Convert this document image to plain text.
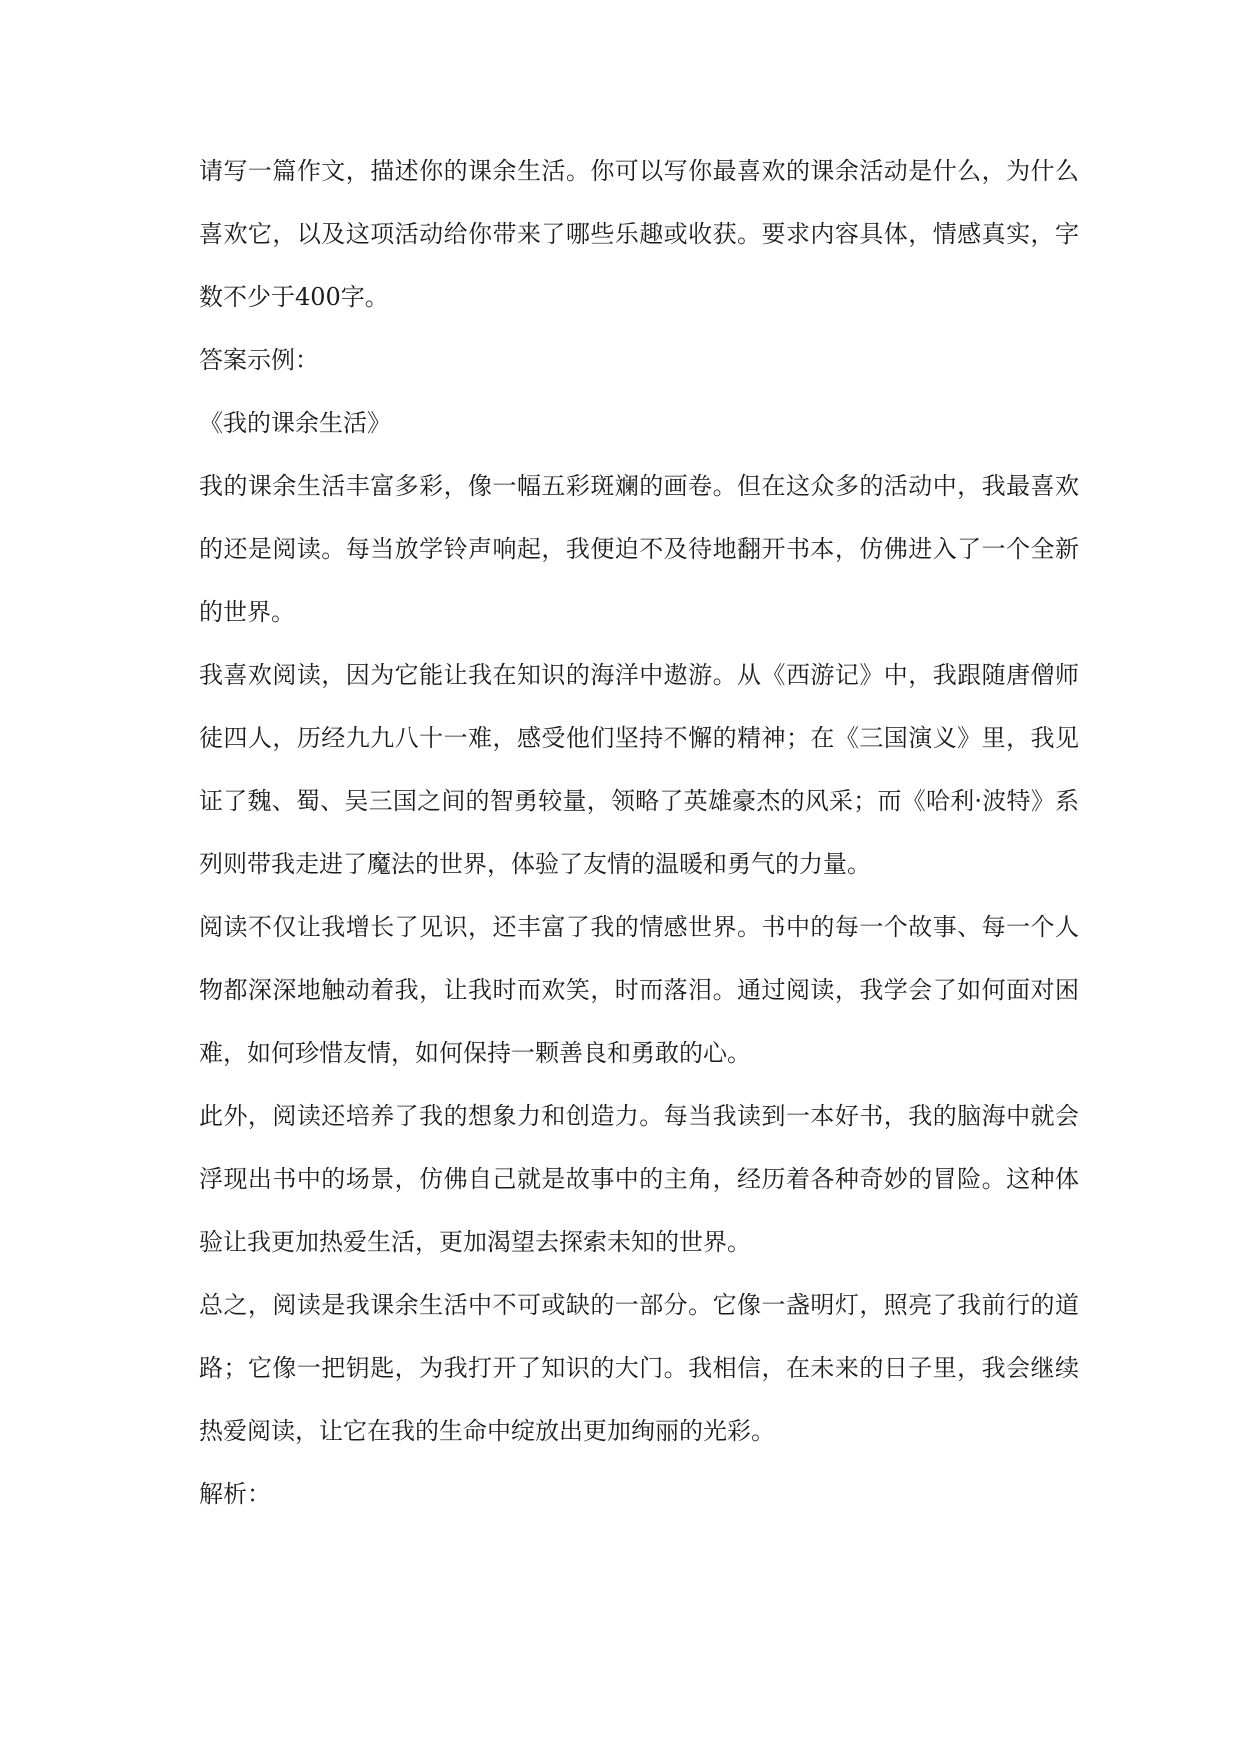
请写一篇作文，描述你的课余生活。你可以写你最喜欢的课余活动是什么，为什么喜欢它，以及这项活动给你带来了哪些乐趣或收获。要求内容具体，情感真实，字数不少于400字。

答案示例：

《我的课余生活》

我的课余生活丰富多彩，像一幅五彩斑斓的画卷。但在这众多的活动中，我最喜欢的还是阅读。每当放学铃声响起，我便迫不及待地翻开书本，仿佛进入了一个全新的世界。

我喜欢阅读，因为它能让我在知识的海洋中遨游。从《西游记》中，我跟随唐僧师徒四人，历经九九八十一难，感受他们坚持不懈的精神；在《三国演义》里，我见证了魏、蜀、吴三国之间的智勇较量，领略了英雄豪杰的风采；而《哈利·波特》系列则带我走进了魔法的世界，体验了友情的温暖和勇气的力量。

阅读不仅让我增长了见识，还丰富了我的情感世界。书中的每一个故事、每一个人物都深深地触动着我，让我时而欢笑，时而落泪。通过阅读，我学会了如何面对困难，如何珍惜友情，如何保持一颗善良和勇敢的心。

此外，阅读还培养了我的想象力和创造力。每当我读到一本好书，我的脑海中就会浮现出书中的场景，仿佛自己就是故事中的主角，经历着各种奇妙的冒险。这种体验让我更加热爱生活，更加渴望去探索未知的世界。

总之，阅读是我课余生活中不可或缺的一部分。它像一盏明灯，照亮了我前行的道路；它像一把钥匙，为我打开了知识的大门。我相信，在未来的日子里，我会继续热爱阅读，让它在我的生命中绽放出更加绚丽的光彩。

解析：
